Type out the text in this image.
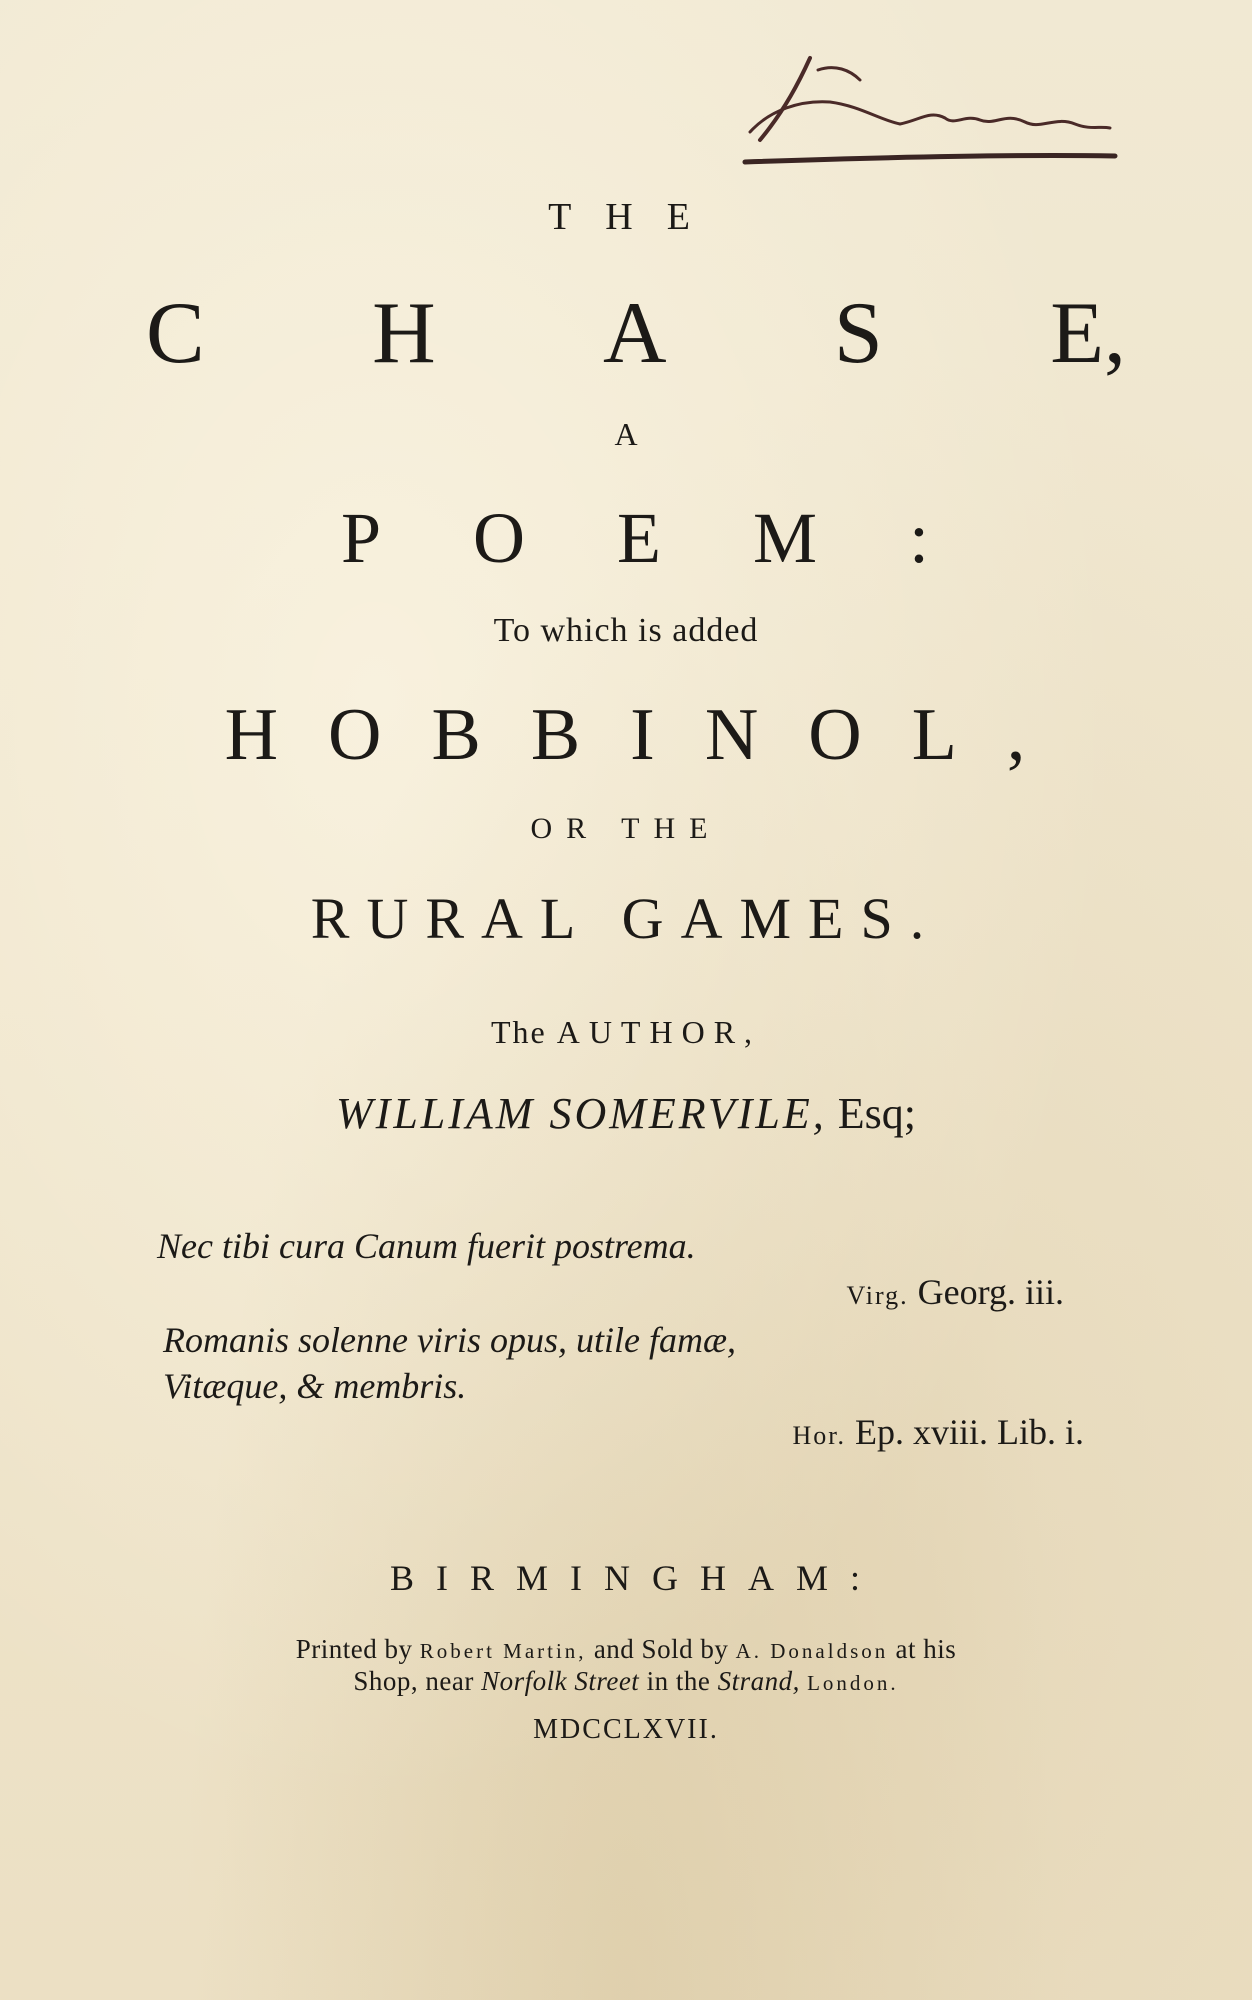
THE
C H A S E,
A
POEM:
To which is added
HOBBINOL,
OR THE
RURAL GAMES.
The AUTHOR,
WILLIAM SOMERVILE, Esq;
Nec tibi cura Canum fuerit postrema.
Virg. Georg. iii.
Romanis solenne viris opus, utile famæ,
Vitæque, & membris.
Hor. Ep. xviii. Lib. i.
BIRMINGHAM:
Printed by Robert Martin, and Sold by A. Donaldson at his
Shop, near Norfolk Street in the Strand, London.
MDCCLXVII.
